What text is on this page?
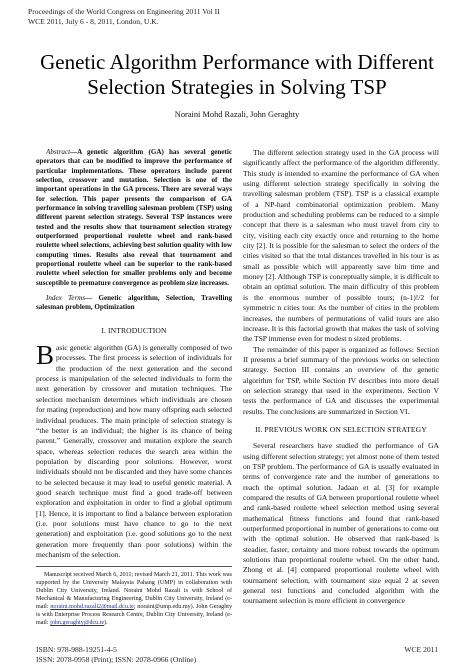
Proceedings of the World Congress on Engineering 2011 Vol II
WCE 2011, July 6 - 8, 2011, London, U.K.
Genetic Algorithm Performance with Different
Selection Strategies in Solving TSP
Noraini Mohd Razali, John Geraghty

Abstract—A genetic algorithm (GA) has several genetic operators that can be modified to improve the performance of particular implementations. These operators include parent selection, crossover and mutation. Selection is one of the important operations in the GA process. There are several ways for selection. This paper presents the comparison of GA performance in solving travelling salesman problem (TSP) using different parent selection strategy. Several TSP instances were tested and the results show that tournament selection strategy outperformed proportional roulette wheel and rank-based roulette wheel selections, achieving best solution quality with low computing times. Results also reveal that tournament and proportional roulette wheel can be superior to the rank-based roulette wheel selection for smaller problems only and become susceptible to premature convergence as problem size increases.

Index Terms— Genetic algorithm, Selection, Travelling salesman problem, Optimization

I. INTRODUCTION

Basic genetic algorithm (GA) is generally composed of two processes. The first process is selection of individuals for the production of the next generation and the second process is manipulation of the selected individuals to form the next generation by crossover and mutation techniques. The selection mechanism determines which individuals are chosen for mating (reproduction) and how many offspring each selected individual produces. The main principle of selection strategy is “the better is an individual; the higher is its chance of being parent.” Generally, crossover and mutation explore the search space, whereas selection reduces the search area within the population by discarding poor solutions. However, worst individuals should not be discarded and they have some chances to be selected because it may lead to useful genetic material. A good search technique must find a good trade-off between exploration and exploitation in order to find a global optimum [1]. Hence, it is important to find a balance between exploration (i.e. poor solutions must have chance to go to the next generation) and exploitation (i.e. good solutions go to the next generation more frequently than poor solutions) within the mechanism of the selection.

Manuscript received March 6, 2011; revised March 21, 2011. This work was supported by the University Malaysia Pahang (UMP) in collaboration with Dublin City University, Ireland. Noraini Mohd Razali is with School of Mechanical & Manufacturing Engineering, Dublin City University, Ireland (e-mail: noraini.mohd.razali2@mail.dcu.ie; noraini@ump.edu.my). John Geraghty is with Enterprise Process Research Centre, Dublin City University, Ireland (e-mail: john.geraghty@dcu.ie).

The different selection strategy used in the GA process will significantly affect the performance of the algorithm differently. This study is intended to examine the performance of GA when using different selection strategy specifically in solving the travelling salesman problem (TSP). TSP is a classical example of a NP-hard combinatorial optimization problem. Many production and scheduling problems can be reduced to a simple concept that there is a salesman who must travel from city to city, visiting each city exactly once and returning to the home city [2]. It is possible for the salesman to select the orders of the cities visited so that the total distances travelled in his tour is as small as possible which will apparently save him time and money [2]. Although TSP is conceptually simple, it is difficult to obtain an optimal solution. The main difficulty of this problem is the enormous number of possible tours; (n-1)!/2 for symmetric n cities tour. As the number of cities in the problem increases, the numbers of permutations of valid tours are also increase. It is this factorial growth that makes the task of solving the TSP immense even for modest n sized problems.

The remainder of this paper is organized as follows: Section II presents a brief summary of the previous works on selection strategy. Section III contains an overview of the genetic algorithm for TSP, while Section IV describes into more detail on selection strategy that used in the experiments. Section V tests the performance of GA and discusses the experimental results. The conclusions are summarized in Section VI.

II. PREVIOUS WORK ON SELECTION STRATEGY

Several researchers have studied the performance of GA using different selection strategy; yet almost none of them tested on TSP problem. The performance of GA is usually evaluated in terms of convergence rate and the number of generations to reach the optimal solution. Jadaan et al. [3] for example compared the results of GA between proportional roulette wheel and rank-based roulette wheel selection method using several mathematical fitness functions and found that rank-based outperformed proportional in number of generations to come out with the optimal solution. He observed that rank-based is steadier, faster, certainty and more robust towards the optimum solutions than proportional roulette wheel. On the other hand, Zhong et al. [4] compared proportional roulette wheel with tournament selection, with tournament size equal 2 at seven general test functions and concluded algorithm with the tournament selection is more efficient in convergence

ISBN: 978-988-19251-4-5
ISSN: 2078-0958 (Print); ISSN: 2078-0966 (Online)
WCE 2011
